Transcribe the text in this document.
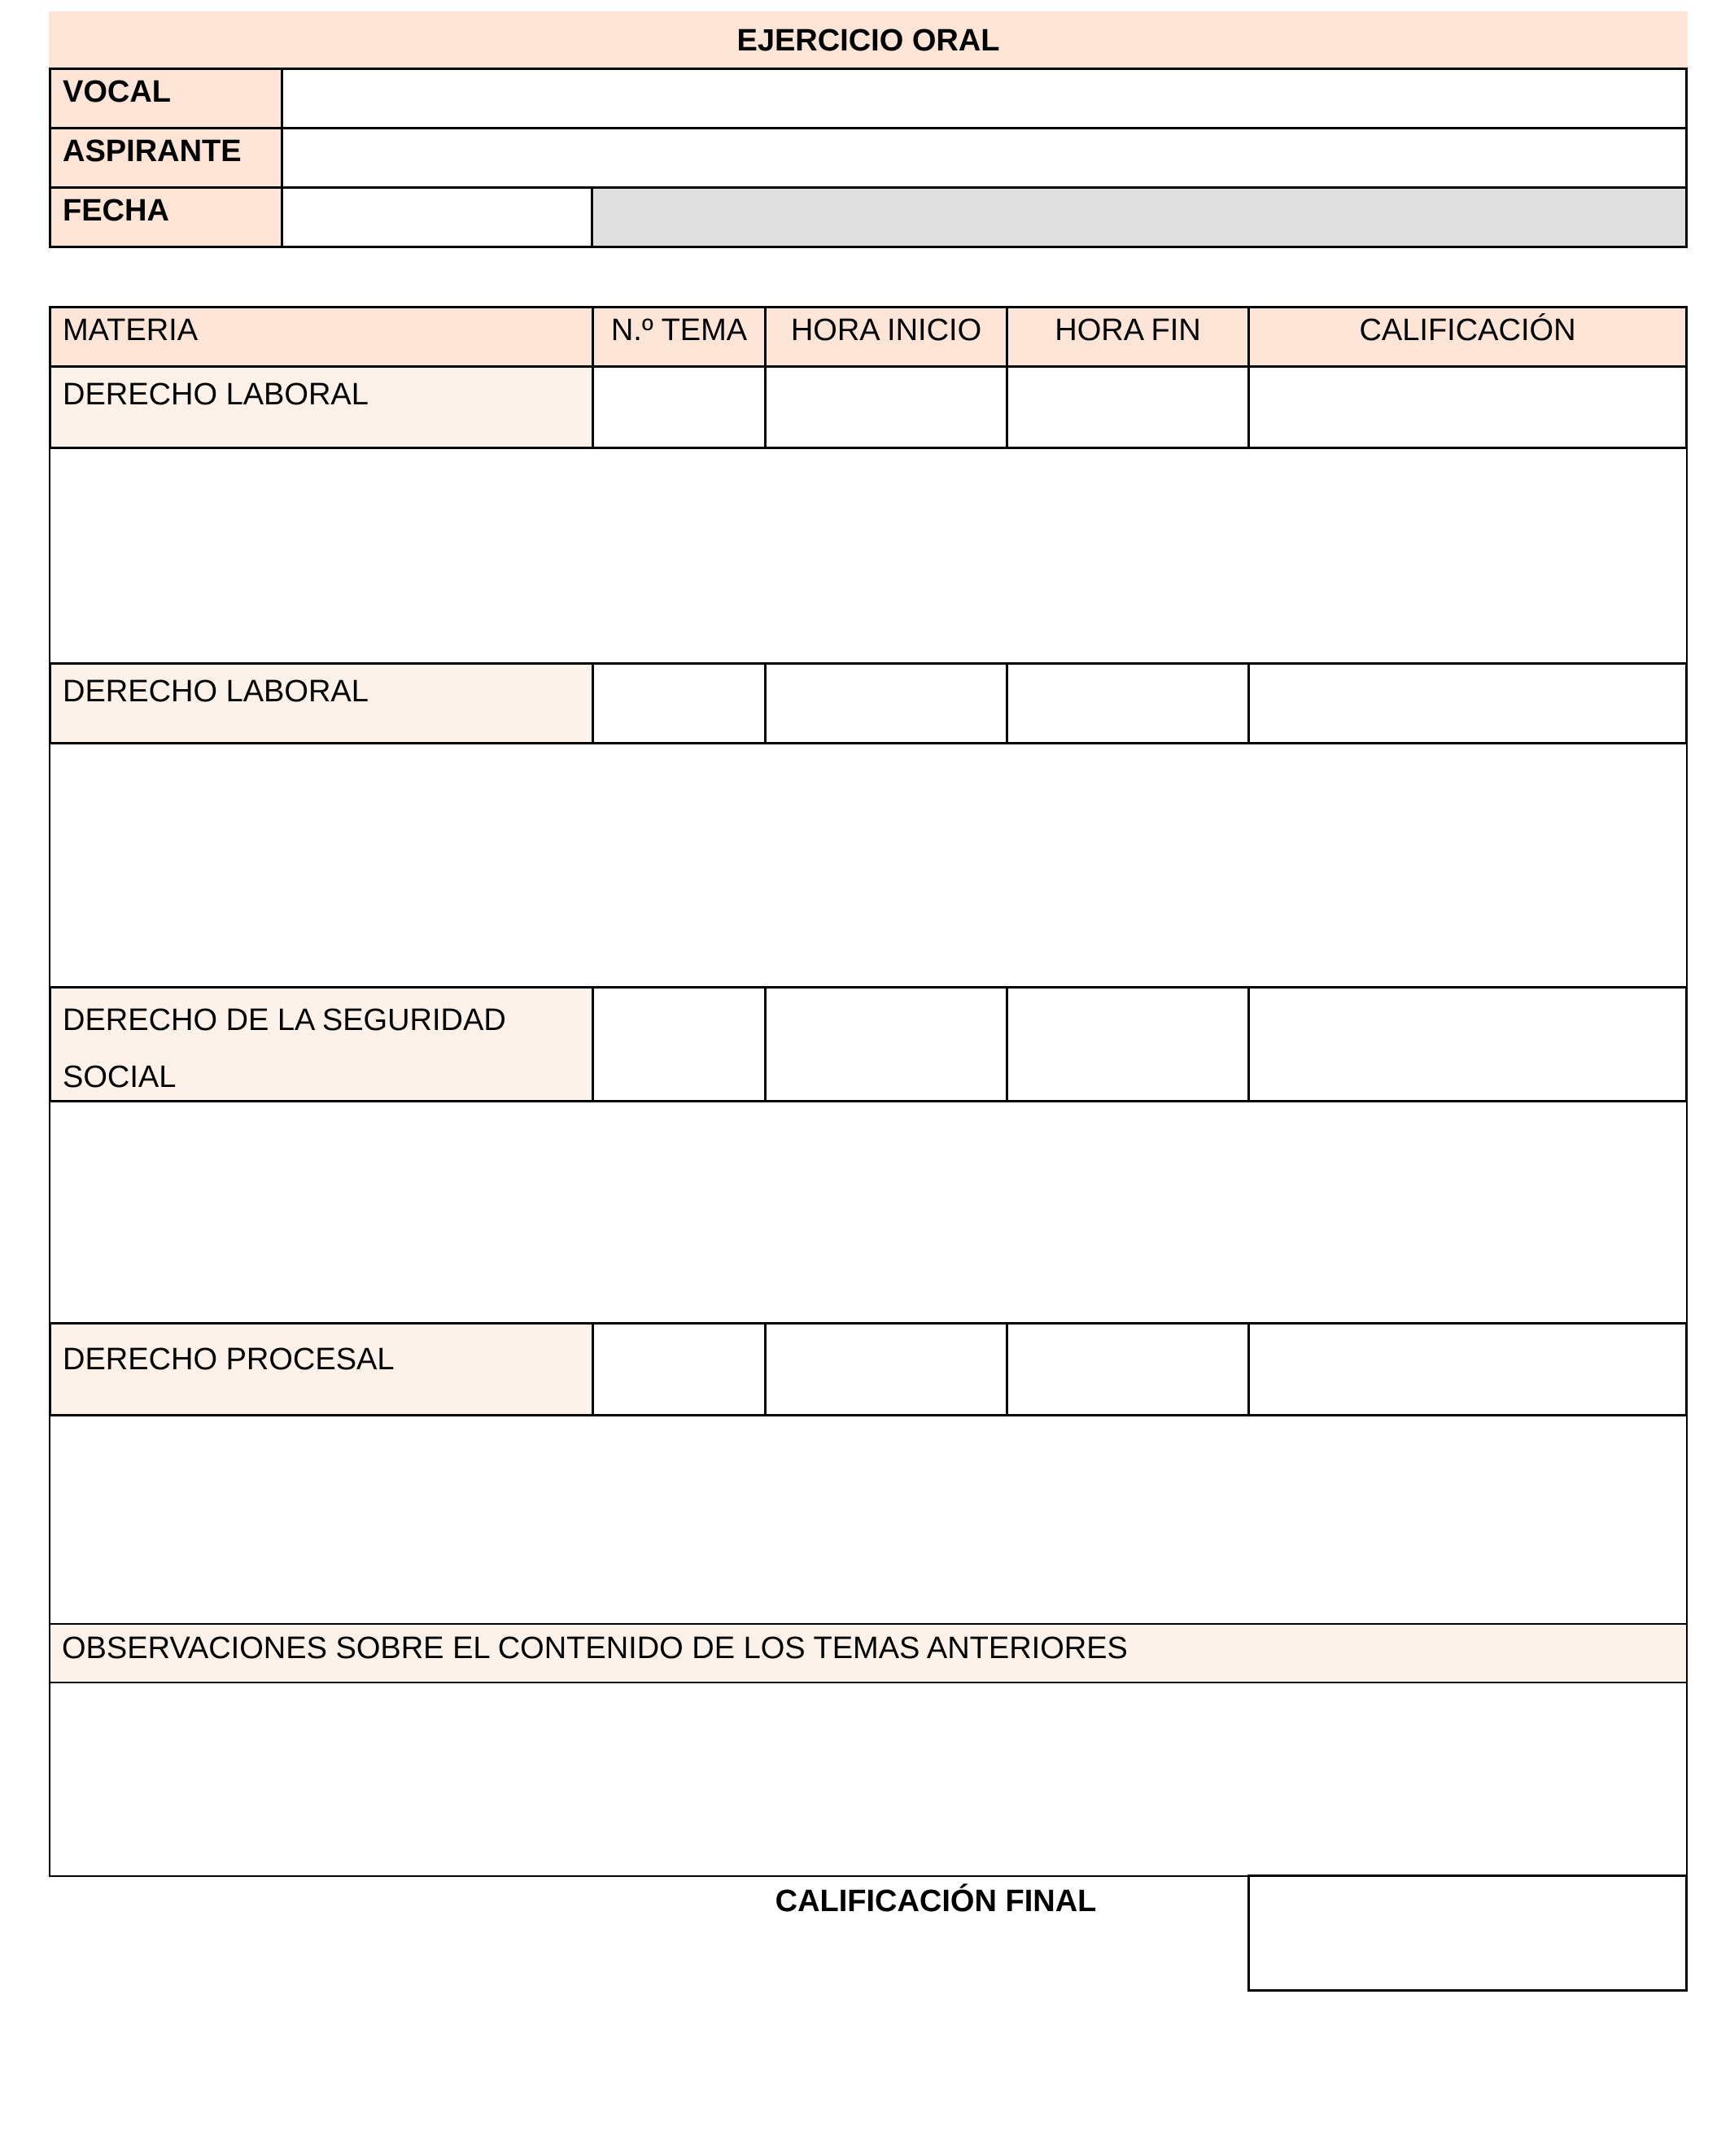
EJERCICIO ORAL
VOCAL
ASPIRANTE
FECHA
MATERIA	N.º TEMA	HORA INICIO	HORA FIN	CALIFICACIÓN
DERECHO LABORAL
DERECHO LABORAL
DERECHO DE LA SEGURIDAD SOCIAL
DERECHO PROCESAL
OBSERVACIONES SOBRE EL CONTENIDO DE LOS TEMAS ANTERIORES
CALIFICACIÓN FINAL
